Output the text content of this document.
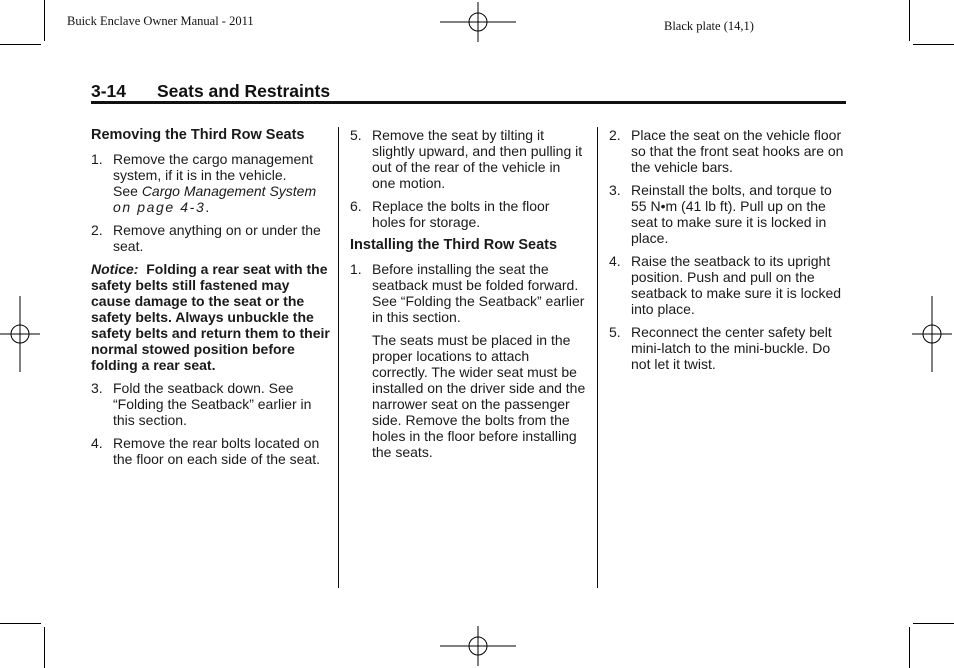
Buick Enclave Owner Manual - 2011	Black plate (14,1)
3-14 Seats and Restraints
Removing the Third Row Seats
1. Remove the cargo management system, if it is in the vehicle.
See Cargo Management System
on page 4-3.
2. Remove anything on or under the seat.
Notice: Folding a rear seat with the safety belts still fastened may cause damage to the seat or the safety belts. Always unbuckle the safety belts and return them to their normal stowed position before folding a rear seat.
3. Fold the seatback down. See “Folding the Seatback” earlier in this section.
4. Remove the rear bolts located on the floor on each side of the seat.
5. Remove the seat by tilting it slightly upward, and then pulling it out of the rear of the vehicle in one motion.
6. Replace the bolts in the floor holes for storage.
Installing the Third Row Seats
1. Before installing the seat the seatback must be folded forward. See “Folding the Seatback” earlier in this section.
The seats must be placed in the proper locations to attach correctly. The wider seat must be installed on the driver side and the narrower seat on the passenger side. Remove the bolts from the holes in the floor before installing the seats.
2. Place the seat on the vehicle floor so that the front seat hooks are on the vehicle bars.
3. Reinstall the bolts, and torque to 55 N•m (41 lb ft). Pull up on the seat to make sure it is locked in place.
4. Raise the seatback to its upright position. Push and pull on the seatback to make sure it is locked into place.
5. Reconnect the center safety belt mini-latch to the mini-buckle. Do not let it twist.
